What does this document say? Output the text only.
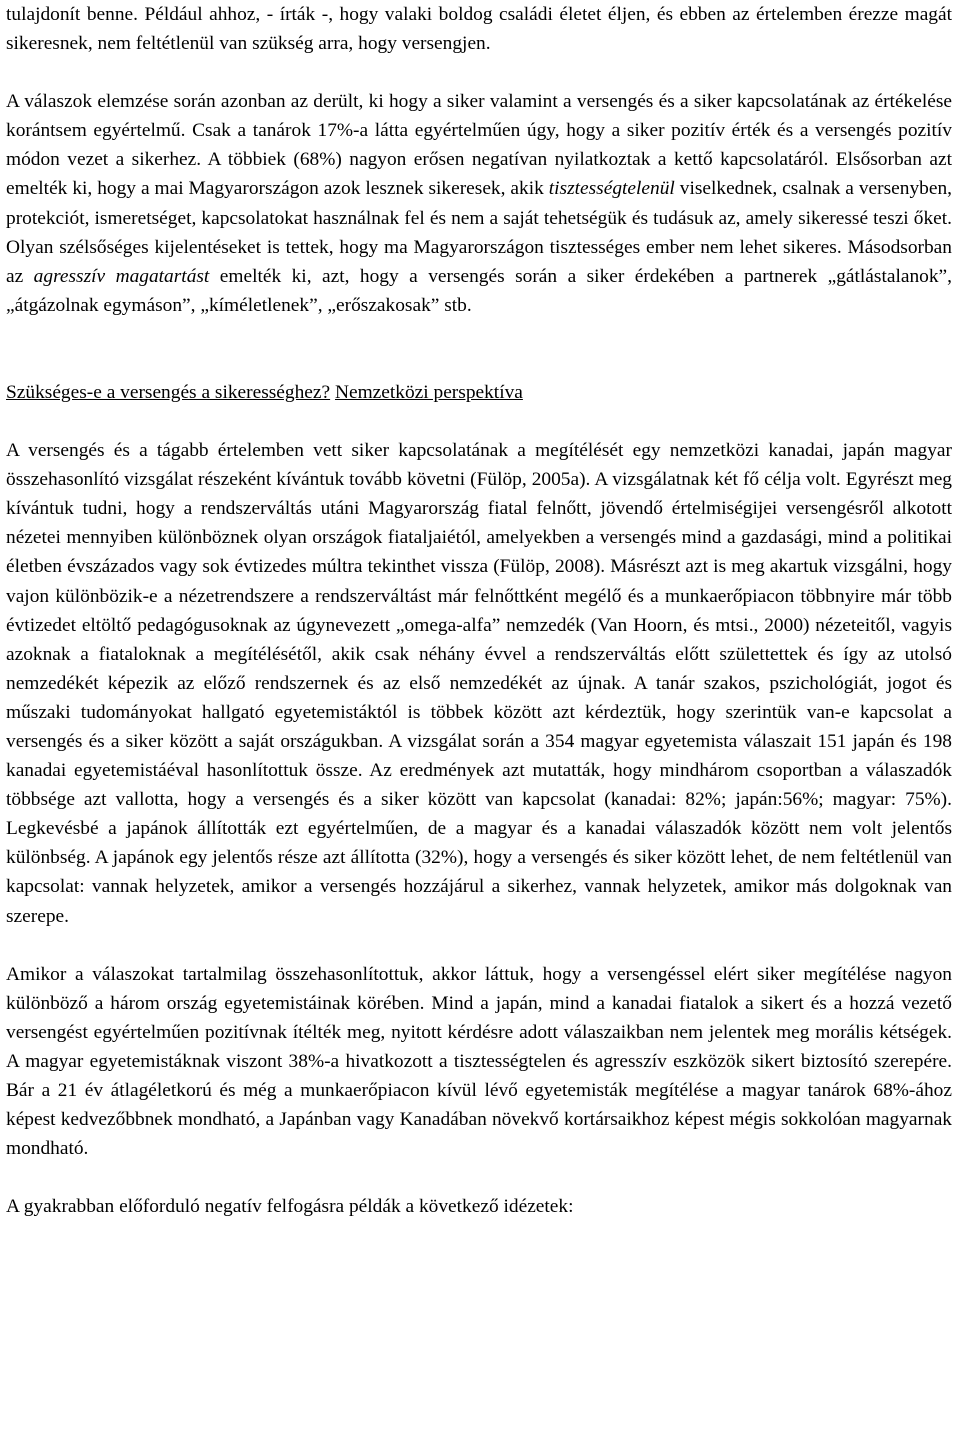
tulajdonít benne. Például ahhoz, - írták -, hogy valaki boldog családi életet éljen, és ebben az értelemben érezze magát sikeresnek, nem feltétlenül van szükség arra, hogy versengjen.

A válaszok elemzése során azonban az derült, ki hogy a siker valamint a versengés és a siker kapcsolatának az értékelése korántsem egyértelmű. Csak a tanárok 17%-a látta egyértelműen úgy, hogy a siker pozitív érték és a versengés pozitív módon vezet a sikerhez. A többiek (68%) nagyon erősen negatívan nyilatkoztak a kettő kapcsolatáról. Elsősorban azt emelték ki, hogy a mai Magyarországon azok lesznek sikeresek, akik tisztességtelenül viselkednek, csalnak a versenyben, protekciót, ismeretséget, kapcsolatokat használnak fel és nem a saját tehetségük és tudásuk az, amely sikeressé teszi őket. Olyan szélsőséges kijelentéseket is tettek, hogy ma Magyarországon tisztességes ember nem lehet sikeres. Másodsorban az agresszív magatartást emelték ki, azt, hogy a versengés során a siker érdekében a partnerek „gátlástalanok”, „átgázolnak egymáson”, „kíméletlenek”, „erőszakosak” stb.

Szükséges-e a versengés a sikerességhez? Nemzetközi perspektíva

A versengés és a tágabb értelemben vett siker kapcsolatának a megítélését egy nemzetközi kanadai, japán magyar összehasonlító vizsgálat részeként kívántuk tovább követni (Fülöp, 2005a). A vizsgálatnak két fő célja volt. Egyrészt meg kívántuk tudni, hogy a rendszerváltás utáni Magyarország fiatal felnőtt, jövendő értelmiségijei versengésről alkotott nézetei mennyiben különböznek olyan országok fiataljaiétól, amelyekben a versengés mind a gazdasági, mind a politikai életben évszázados vagy sok évtizedes múltra tekinthet vissza (Fülöp, 2008). Másrészt azt is meg akartuk vizsgálni, hogy vajon különbözik-e a nézetrendszere a rendszerváltást már felnőttként megélő és a munkaerőpiacon többnyire már több évtizedet eltöltő pedagógusoknak az úgynevezett „omega-alfa” nemzedék (Van Hoorn, és mtsi., 2000) nézeteitől, vagyis azoknak a fiataloknak a megítélésétől, akik csak néhány évvel a rendszerváltás előtt születtettek és így az utolsó nemzedékét képezik az előző rendszernek és az első nemzedékét az újnak. A tanár szakos, pszichológiát, jogot és műszaki tudományokat hallgató egyetemistáktól is többek között azt kérdeztük, hogy szerintük van-e kapcsolat a versengés és a siker között a saját országukban. A vizsgálat során a 354 magyar egyetemista válaszait 151 japán és 198 kanadai egyetemistáéval hasonlítottuk össze. Az eredmények azt mutatták, hogy mindhárom csoportban a válaszadók többsége azt vallotta, hogy a versengés és a siker között van kapcsolat (kanadai: 82%; japán:56%; magyar: 75%). Legkevésbé a japánok állították ezt egyértelműen, de a magyar és a kanadai válaszadók között nem volt jelentős különbség. A japánok egy jelentős része azt állította (32%), hogy a versengés és siker között lehet, de nem feltétlenül van kapcsolat: vannak helyzetek, amikor a versengés hozzájárul a sikerhez, vannak helyzetek, amikor más dolgoknak van szerepe.

Amikor a válaszokat tartalmilag összehasonlítottuk, akkor láttuk, hogy a versengéssel elért siker megítélése nagyon különböző a három ország egyetemistáinak körében. Mind a japán, mind a kanadai fiatalok a sikert és a hozzá vezető versengést egyértelműen pozitívnak ítélték meg, nyitott kérdésre adott válaszaikban nem jelentek meg morális kétségek. A magyar egyetemistáknak viszont 38%-a hivatkozott a tisztességtelen és agresszív eszközök sikert biztosító szerepére. Bár a 21 év átlagéletkorú és még a munkaerőpiacon kívül lévő egyetemisták megítélése a magyar tanárok 68%-ához képest kedvezőbbnek mondható, a Japánban vagy Kanadában növekvő kortársaikhoz képest mégis sokkolóan magyarnak mondható.

A gyakrabban előforduló negatív felfogásra példák a következő idézetek:
